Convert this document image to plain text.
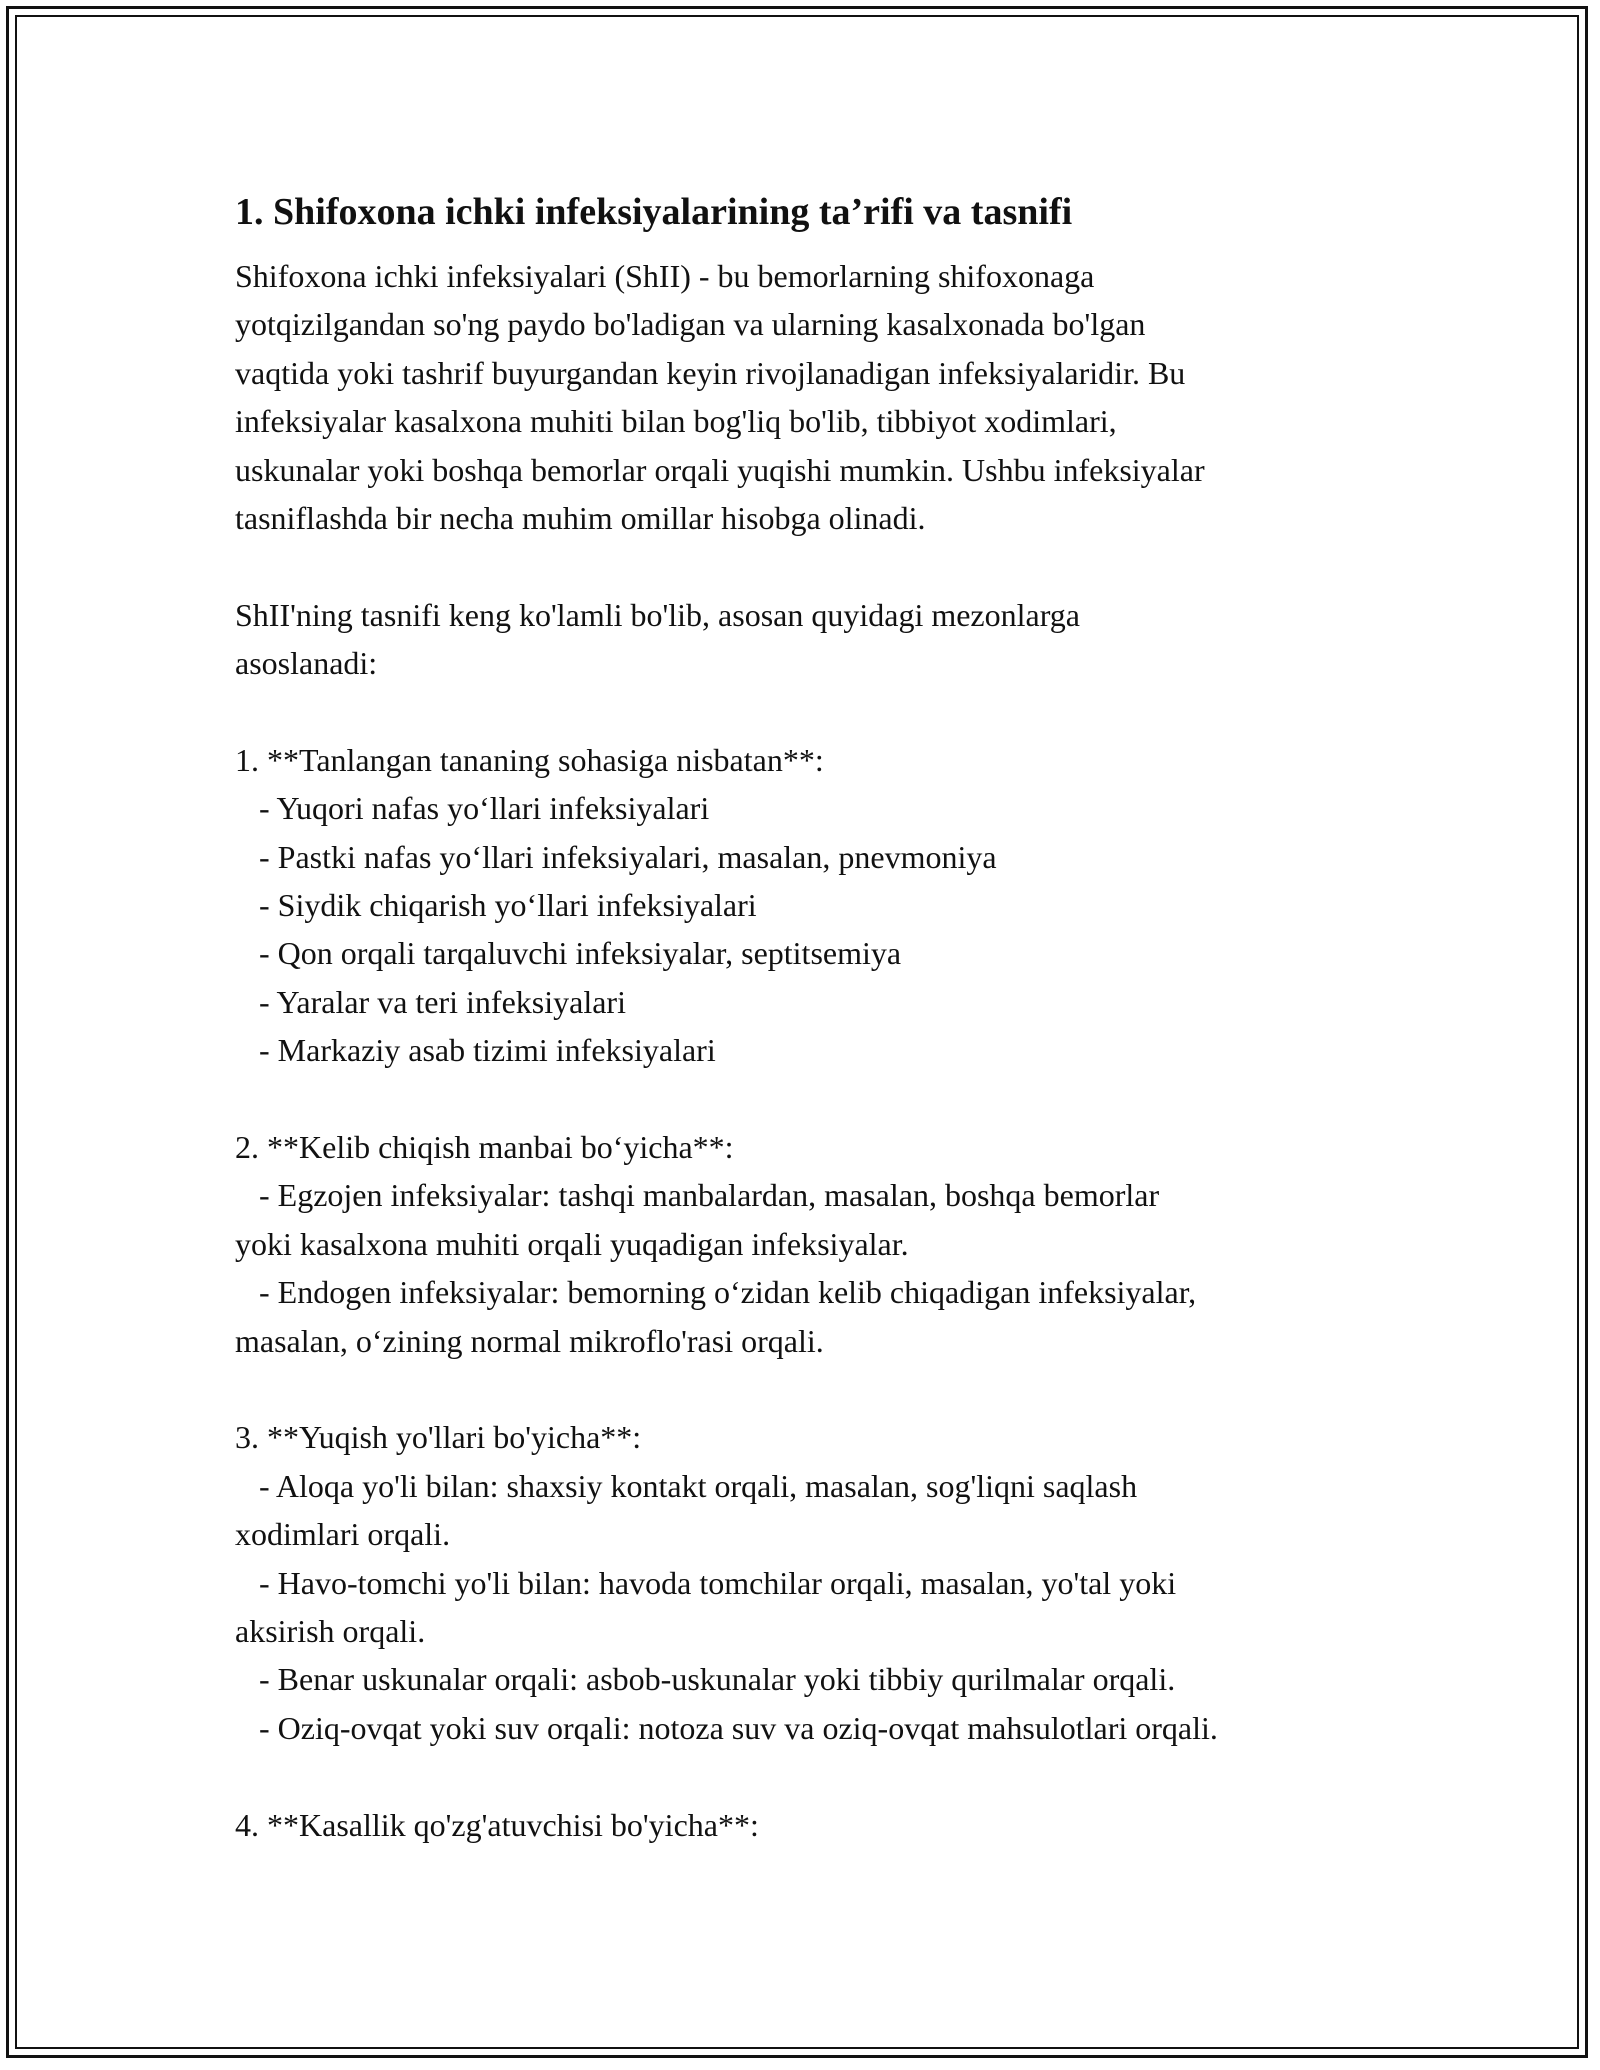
1. Shifoxona ichki infeksiyalarining ta’rifi va tasnifi
Shifoxona ichki infeksiyalari (ShII) - bu bemorlarning shifoxonaga
yotqizilgandan so'ng paydo bo'ladigan va ularning kasalxonada bo'lgan
vaqtida yoki tashrif buyurgandan keyin rivojlanadigan infeksiyalaridir. Bu
infeksiyalar kasalxona muhiti bilan bog'liq bo'lib, tibbiyot xodimlari,
uskunalar yoki boshqa bemorlar orqali yuqishi mumkin. Ushbu infeksiyalar
tasniflashda bir necha muhim omillar hisobga olinadi.
ShII'ning tasnifi keng ko'lamli bo'lib, asosan quyidagi mezonlarga
asoslanadi:
1. **Tanlangan tananing sohasiga nisbatan**:
- Yuqori nafas yo‘llari infeksiyalari
- Pastki nafas yo‘llari infeksiyalari, masalan, pnevmoniya
- Siydik chiqarish yo‘llari infeksiyalari
- Qon orqali tarqaluvchi infeksiyalar, septitsemiya
- Yaralar va teri infeksiyalari
- Markaziy asab tizimi infeksiyalari
2. **Kelib chiqish manbai bo‘yicha**:
- Egzojen infeksiyalar: tashqi manbalardan, masalan, boshqa bemorlar
yoki kasalxona muhiti orqali yuqadigan infeksiyalar.
- Endogen infeksiyalar: bemorning o‘zidan kelib chiqadigan infeksiyalar,
masalan, o‘zining normal mikroflo'rasi orqali.
3. **Yuqish yo'llari bo'yicha**:
- Aloqa yo'li bilan: shaxsiy kontakt orqali, masalan, sog'liqni saqlash
xodimlari orqali.
- Havo-tomchi yo'li bilan: havoda tomchilar orqali, masalan, yo'tal yoki
aksirish orqali.
- Benar uskunalar orqali: asbob-uskunalar yoki tibbiy qurilmalar orqali.
- Oziq-ovqat yoki suv orqali: notoza suv va oziq-ovqat mahsulotlari orqali.
4. **Kasallik qo'zg'atuvchisi bo'yicha**:
